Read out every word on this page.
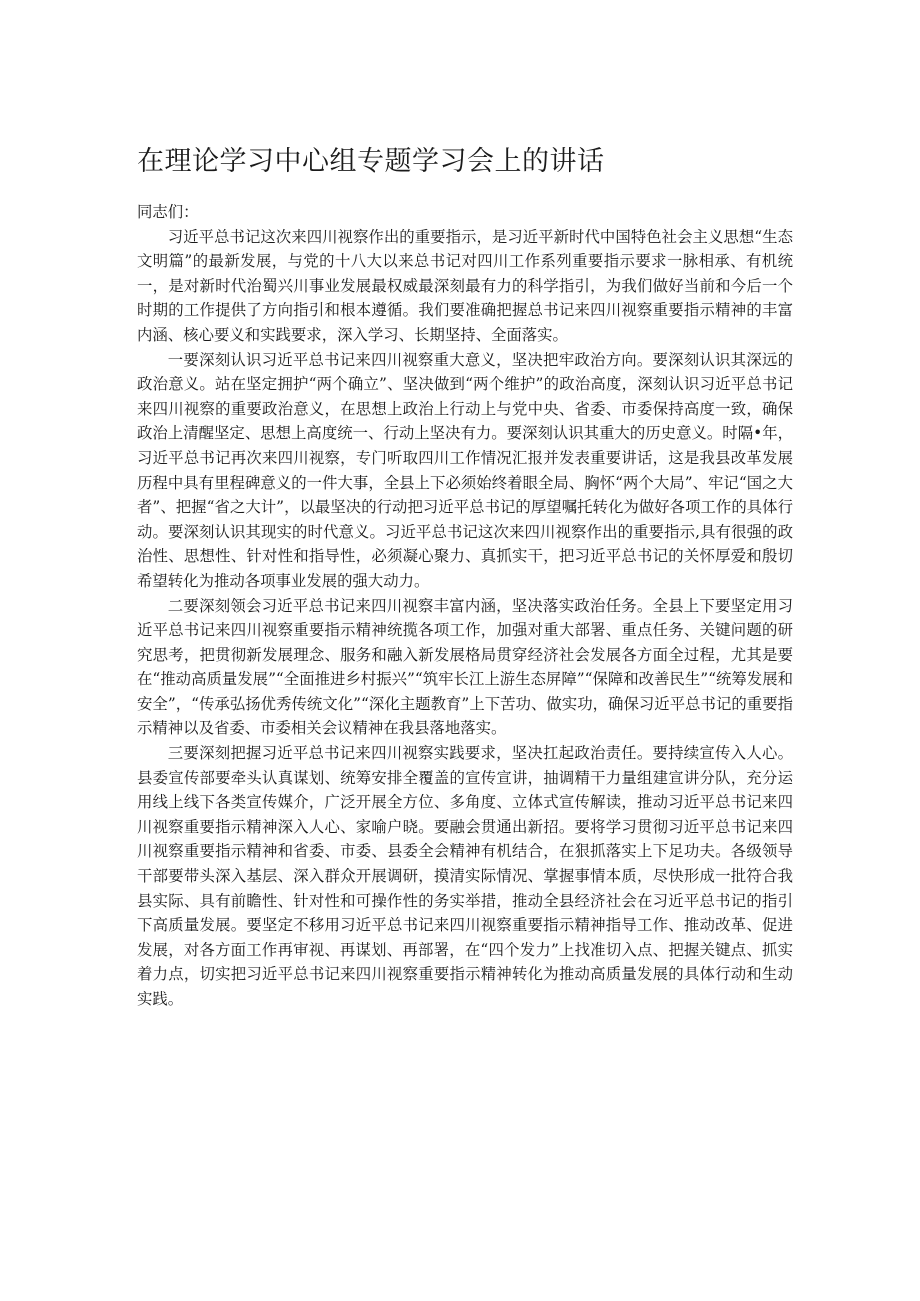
在理论学习中心组专题学习会上的讲话

同志们：

习近平总书记这次来四川视察作出的重要指示，是习近平新时代中国特色社会主义思想“生态文明篇”的最新发展，与党的十八大以来总书记对四川工作系列重要指示要求一脉相承、有机统一，是对新时代治蜀兴川事业发展最权威最深刻最有力的科学指引，为我们做好当前和今后一个时期的工作提供了方向指引和根本遵循。我们要准确把握总书记来四川视察重要指示精神的丰富内涵、核心要义和实践要求，深入学习、长期坚持、全面落实。

一要深刻认识习近平总书记来四川视察重大意义，坚决把牢政治方向。要深刻认识其深远的政治意义。站在坚定拥护“两个确立”、坚决做到“两个维护”的政治高度，深刻认识习近平总书记来四川视察的重要政治意义，在思想上政治上行动上与党中央、省委、市委保持高度一致，确保政治上清醒坚定、思想上高度统一、行动上坚决有力。要深刻认识其重大的历史意义。时隔•年，习近平总书记再次来四川视察，专门听取四川工作情况汇报并发表重要讲话，这是我县改革发展历程中具有里程碑意义的一件大事，全县上下必须始终着眼全局、胸怀“两个大局”、牢记“国之大者”、把握“省之大计”，以最坚决的行动把习近平总书记的厚望嘱托转化为做好各项工作的具体行动。要深刻认识其现实的时代意义。习近平总书记这次来四川视察作出的重要指示,具有很强的政治性、思想性、针对性和指导性，必须凝心聚力、真抓实干，把习近平总书记的关怀厚爱和殷切希望转化为推动各项事业发展的强大动力。

二要深刻领会习近平总书记来四川视察丰富内涵，坚决落实政治任务。全县上下要坚定用习近平总书记来四川视察重要指示精神统揽各项工作，加强对重大部署、重点任务、关键问题的研究思考，把贯彻新发展理念、服务和融入新发展格局贯穿经济社会发展各方面全过程，尤其是要在“推动高质量发展”“全面推进乡村振兴”“筑牢长江上游生态屏障”“保障和改善民生”“统筹发展和安全”，“传承弘扬优秀传统文化”“深化主题教育”上下苦功、做实功，确保习近平总书记的重要指示精神以及省委、市委相关会议精神在我县落地落实。

三要深刻把握习近平总书记来四川视察实践要求，坚决扛起政治责任。要持续宣传入人心。县委宣传部要牵头认真谋划、统筹安排全覆盖的宣传宣讲，抽调精干力量组建宣讲分队，充分运用线上线下各类宣传媒介，广泛开展全方位、多角度、立体式宣传解读，推动习近平总书记来四川视察重要指示精神深入人心、家喻户晓。要融会贯通出新招。要将学习贯彻习近平总书记来四川视察重要指示精神和省委、市委、县委全会精神有机结合，在狠抓落实上下足功夫。各级领导干部要带头深入基层、深入群众开展调研，摸清实际情况、掌握事情本质，尽快形成一批符合我县实际、具有前瞻性、针对性和可操作性的务实举措，推动全县经济社会在习近平总书记的指引下高质量发展。要坚定不移用习近平总书记来四川视察重要指示精神指导工作、推动改革、促进发展，对各方面工作再审视、再谋划、再部署，在“四个发力”上找准切入点、把握关键点、抓实着力点，切实把习近平总书记来四川视察重要指示精神转化为推动高质量发展的具体行动和生动实践。
